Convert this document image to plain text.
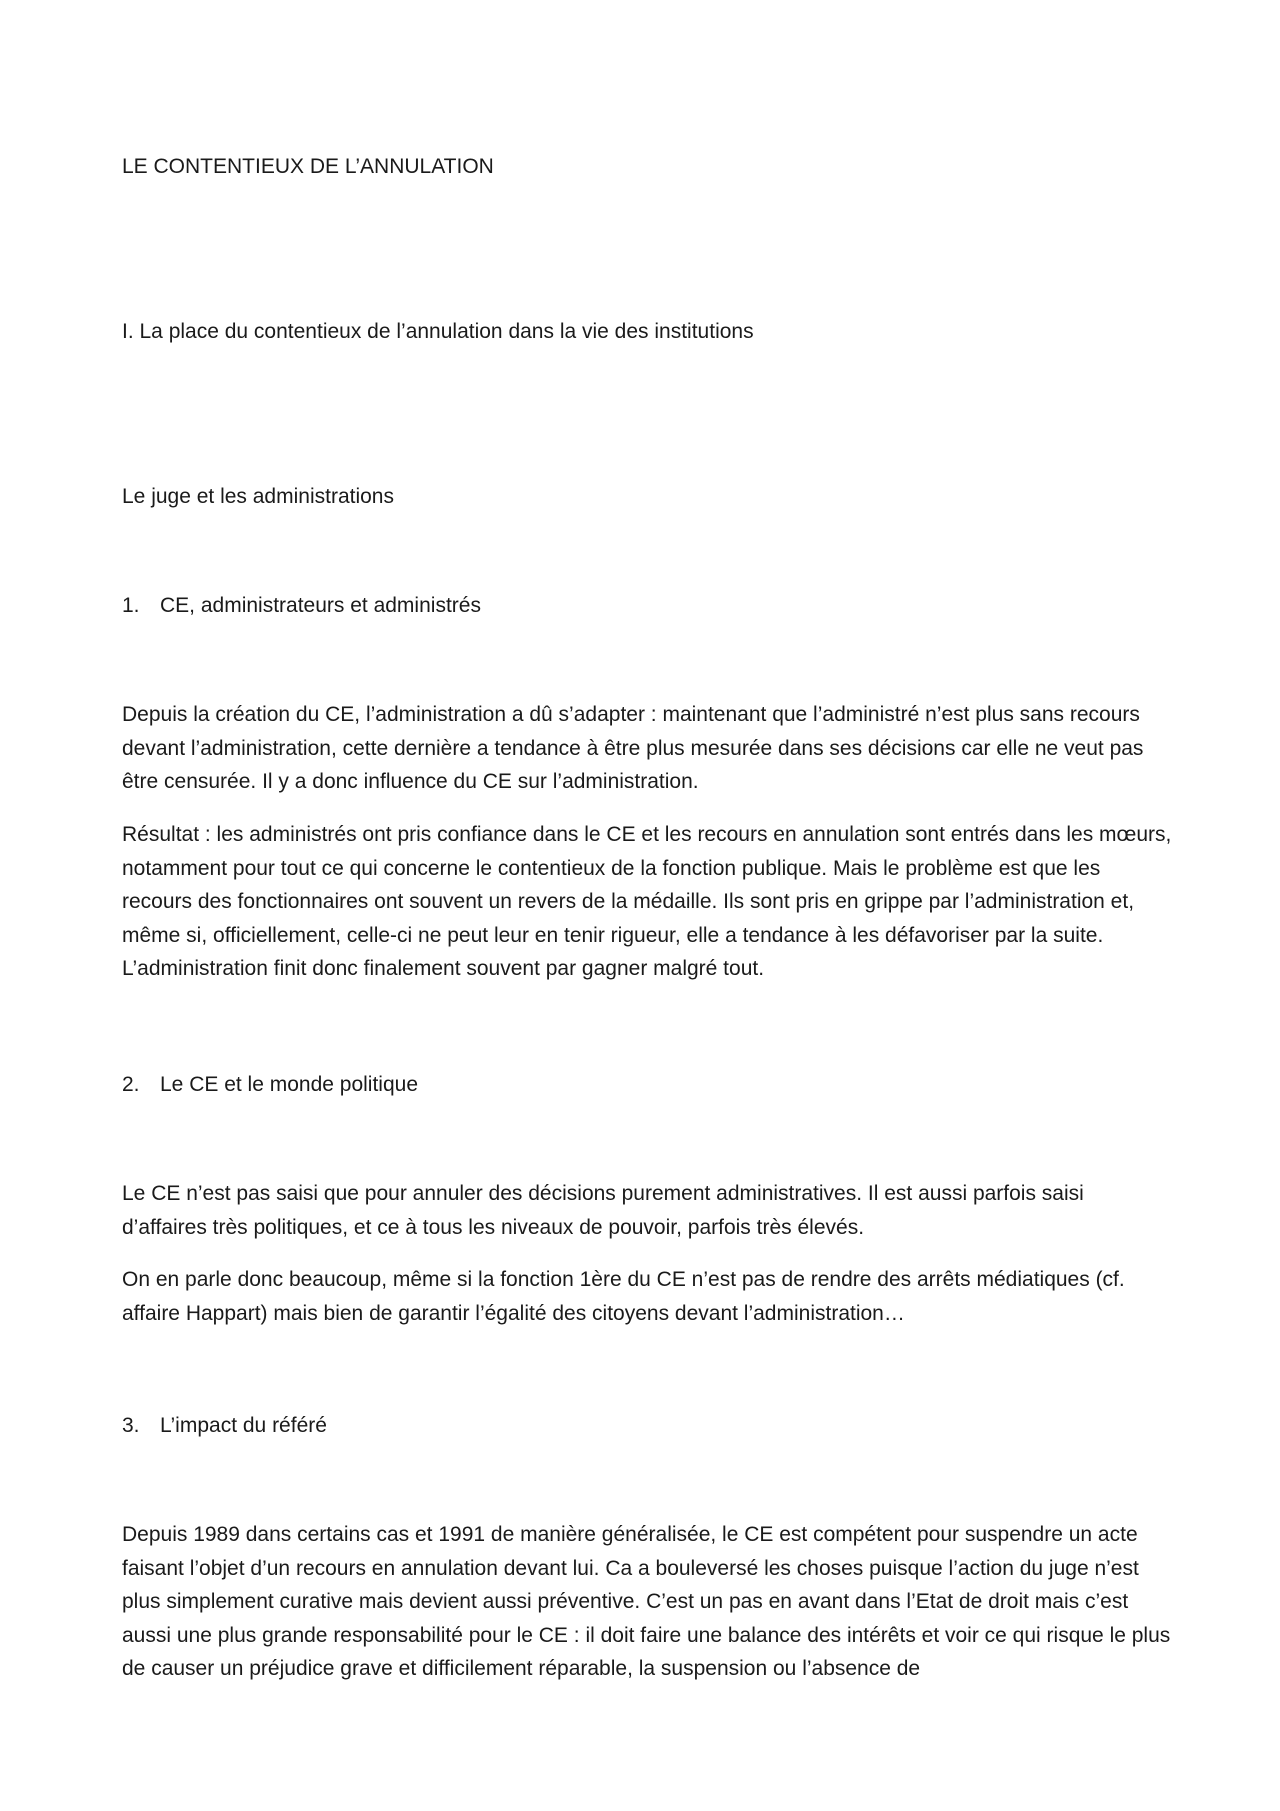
LE CONTENTIEUX DE L’ANNULATION

I. La place du contentieux de l’annulation dans la vie des institutions

Le juge et les administrations

1. CE, administrateurs et administrés

Depuis la création du CE, l’administration a dû s’adapter : maintenant que l’administré n’est plus sans recours devant l’administration, cette dernière a tendance à être plus mesurée dans ses décisions car elle ne veut pas être censurée. Il y a donc influence du CE sur l’administration.

Résultat : les administrés ont pris confiance dans le CE et les recours en annulation sont entrés dans les mœurs, notamment pour tout ce qui concerne le contentieux de la fonction publique. Mais le problème est que les recours des fonctionnaires ont souvent un revers de la médaille. Ils sont pris en grippe par l’administration et, même si, officiellement, celle-ci ne peut leur en tenir rigueur, elle a tendance à les défavoriser par la suite. L’administration finit donc finalement souvent par gagner malgré tout.

2. Le CE et le monde politique

Le CE n’est pas saisi que pour annuler des décisions purement administratives. Il est aussi parfois saisi d’affaires très politiques, et ce à tous les niveaux de pouvoir, parfois très élevés.

On en parle donc beaucoup, même si la fonction 1ère du CE n’est pas de rendre des arrêts médiatiques (cf. affaire Happart) mais bien de garantir l’égalité des citoyens devant l’administration…

3. L’impact du référé

Depuis 1989 dans certains cas et 1991 de manière généralisée, le CE est compétent pour suspendre un acte faisant l’objet d’un recours en annulation devant lui. Ca a bouleversé les choses puisque l’action du juge n’est plus simplement curative mais devient aussi préventive. C’est un pas en avant dans l’Etat de droit mais c’est aussi une plus grande responsabilité pour le CE : il doit faire une balance des intérêts et voir ce qui risque le plus de causer un préjudice grave et difficilement réparable, la suspension ou l’absence de
